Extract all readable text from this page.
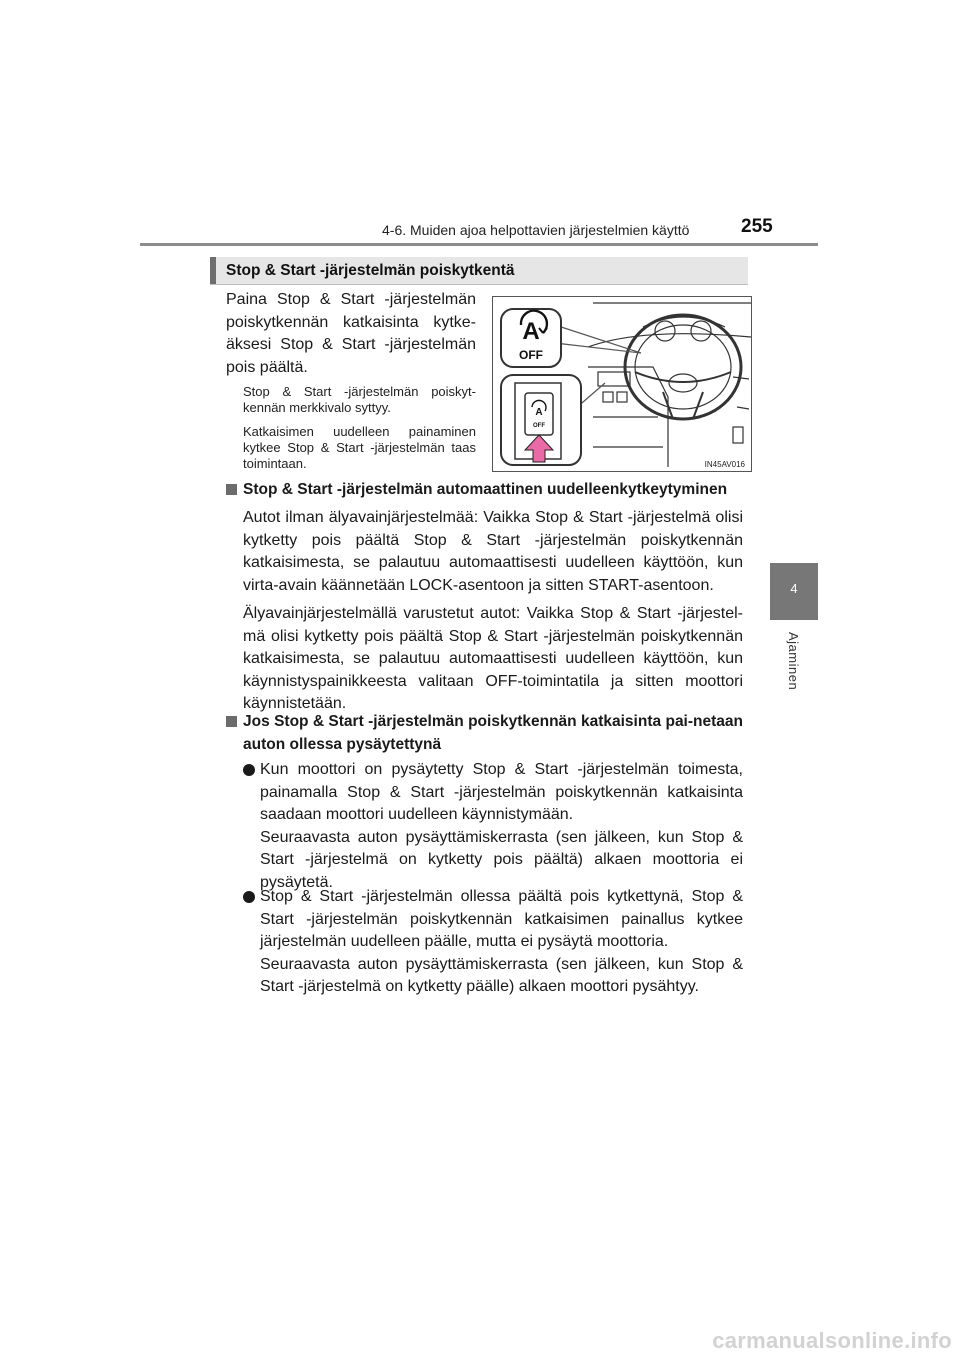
4-6. Muiden ajoa helpottavien järjestelmien käyttö	255
4
Ajaminen
Stop & Start -järjestelmän poiskytkentä
Paina Stop & Start -järjestelmän poiskytkennän katkaisinta kytke-äksesi Stop & Start -järjestelmän pois päältä.
Stop & Start -järjestelmän poiskyt-kennän merkkivalo syttyy.
Katkaisimen uudelleen painaminen kytkee Stop & Start -järjestelmän taas toimintaan.
A
OFF
A
OFF
IN45AV016
Stop & Start -järjestelmän automaattinen uudelleenkytkeytyminen
Autot ilman älyavainjärjestelmää: Vaikka Stop & Start -järjestelmä olisi kytketty pois päältä Stop & Start -järjestelmän poiskytkennän katkaisimesta, se palautuu automaattisesti uudelleen käyttöön, kun virta-avain käännetään LOCK-asentoon ja sitten START-asentoon.
Älyavainjärjestelmällä varustetut autot: Vaikka Stop & Start -järjestel-mä olisi kytketty pois päältä Stop & Start -järjestelmän poiskytkennän katkaisimesta, se palautuu automaattisesti uudelleen käyttöön, kun käynnistyspainikkeesta valitaan OFF-toimintatila ja sitten moottori käynnistetään.
Jos Stop & Start -järjestelmän poiskytkennän katkaisinta pai-netaan auton ollessa pysäytettynä
Kun moottori on pysäytetty Stop & Start -järjestelmän toimesta, painamalla Stop & Start -järjestelmän poiskytkennän katkaisinta saadaan moottori uudelleen käynnistymään.
Seuraavasta auton pysäyttämiskerrasta (sen jälkeen, kun Stop & Start -järjestelmä on kytketty pois päältä) alkaen moottoria ei pysäytetä.
Stop & Start -järjestelmän ollessa päältä pois kytkettynä, Stop & Start -järjestelmän poiskytkennän katkaisimen painallus kytkee järjestelmän uudelleen päälle, mutta ei pysäytä moottoria.
Seuraavasta auton pysäyttämiskerrasta (sen jälkeen, kun Stop & Start -järjestelmä on kytketty päälle) alkaen moottori pysähtyy.
carmanualsonline.info
